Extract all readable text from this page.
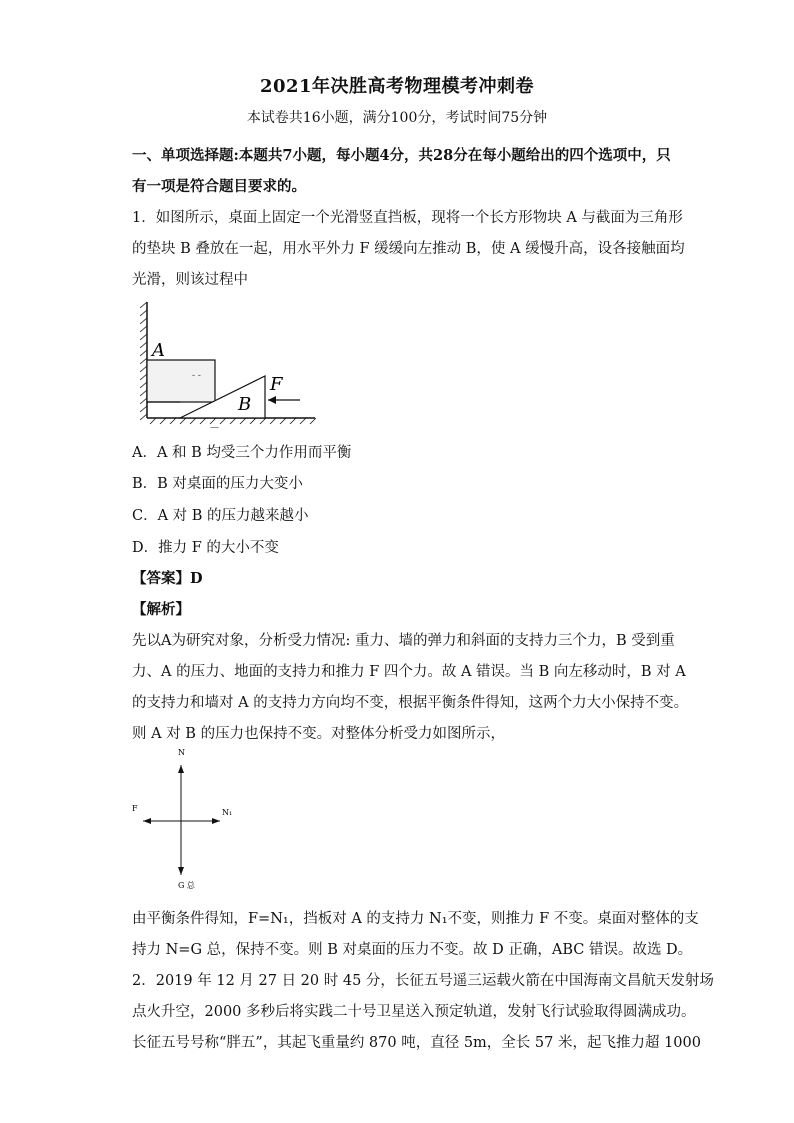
2021年决胜高考物理模考冲刺卷
本试卷共16小题，满分100分，考试时间75分钟
一、单项选择题:本题共7小题，每小题4分，共28分在每小题给出的四个选项中，只
有一项是符合题目要求的。
1．如图所示，桌面上固定一个光滑竖直挡板，现将一个长方形物块 A 与截面为三角形
的垫块 B 叠放在一起，用水平外力 F 缓缓向左推动 B，使 A 缓慢升高，设各接触面均
光滑，则该过程中
- -
—
A
B
F
A．A 和 B 均受三个力作用而平衡
B．B 对桌面的压力大变小
C．A 对 B 的压力越来越小
D．推力 F 的大小不变
【答案】D
【解析】
先以A为研究对象，分析受力情况: 重力、墙的弹力和斜面的支持力三个力，B 受到重
力、A 的压力、地面的支持力和推力 F 四个力。故 A 错误。当 B 向左移动时，B 对 A
的支持力和墙对 A 的支持力方向均不变，根据平衡条件得知，这两个力大小保持不变。
则 A 对 B 的压力也保持不变。对整体分析受力如图所示，
N
F	N₁
G 总
由平衡条件得知，F=N₁，挡板对 A 的支持力 N₁不变，则推力 F 不变。桌面对整体的支
持力 N=G 总，保持不变。则 B 对桌面的压力不变。故 D 正确，ABC 错误。故选 D。
2．2019 年 12 月 27 日 20 时 45 分，长征五号遥三运载火箭在中国海南文昌航天发射场
点火升空，2000 多秒后将实践二十号卫星送入预定轨道，发射飞行试验取得圆满成功。
长征五号号称“胖五”，其起飞重量约 870 吨，直径 5m，全长 57 米，起飞推力超 1000
